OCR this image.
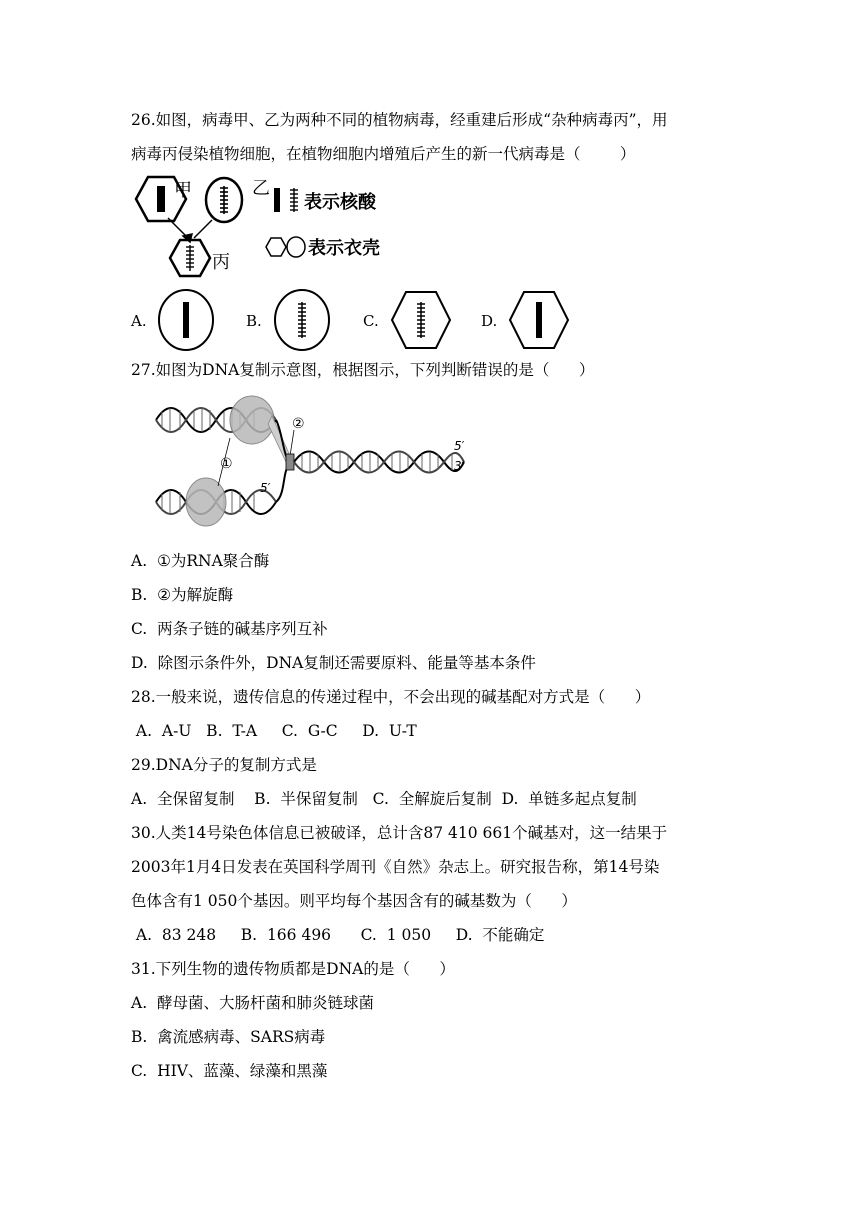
26.如图，病毒甲、乙为两种不同的植物病毒，经重建后形成“杂种病毒丙”，用
病毒丙侵染植物细胞，在植物细胞内增殖后产生的新一代病毒是（        ）
甲	乙
丙
表示核酸
表示衣壳
A.	B.	C.	D.
27.如图为DNA复制示意图，根据图示，下列判断错误的是（      ）
①
②
5′
3′
5′
A.  ①为RNA聚合酶
B.  ②为解旋酶
C.  两条子链的碱基序列互补
D.  除图示条件外，DNA复制还需要原料、能量等基本条件
28.一般来说，遗传信息的传递过程中，不会出现的碱基配对方式是（      ）
A.  A-U   B.  T-A     C.  G-C     D.  U-T
29.DNA分子的复制方式是
A.  全保留复制    B.  半保留复制   C.  全解旋后复制  D.  单链多起点复制
30.人类14号染色体信息已被破译，总计含87 410 661个碱基对，这一结果于
2003年1月4日发表在英国科学周刊《自然》杂志上。研究报告称，第14号染
色体含有1 050个基因。则平均每个基因含有的碱基数为（      ）
A.  83 248     B.  166 496      C.  1 050     D.  不能确定
31.下列生物的遗传物质都是DNA的是（      ）
A.  酵母菌、大肠杆菌和肺炎链球菌
B.  禽流感病毒、SARS病毒
C.  HIV、蓝藻、绿藻和黑藻
